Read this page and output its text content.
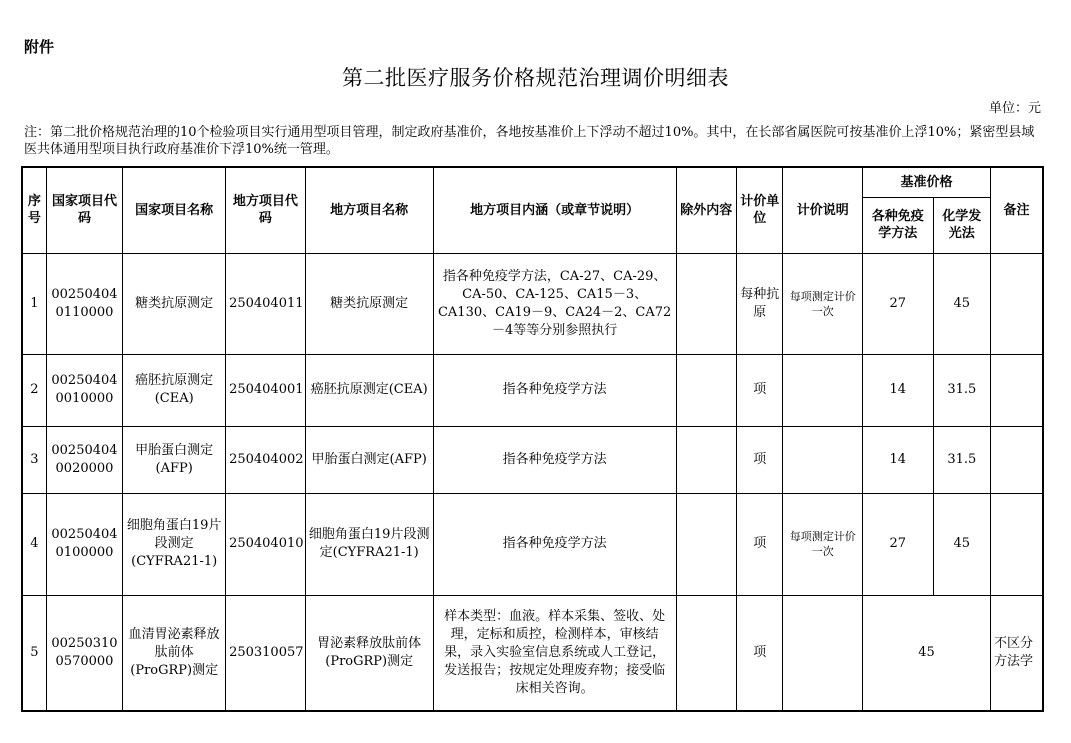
附件
第二批医疗服务价格规范治理调价明细表
单位：元
注：第二批价格规范治理的10个检验项目实行通用型项目管理，制定政府基准价，各地按基准价上下浮动不超过10%。其中，在长部省属医院可按基准价上浮10%；紧密型县域医共体通用型项目执行政府基准价下浮10%统一管理。
序号	国家项目代码	国家项目名称	地方项目代码	地方项目名称	地方项目内涵（或章节说明）	除外内容	计价单位	计价说明	基准价格		备注
									各种免疫学方法	化学发光法	
1	00250404 0110000	糖类抗原测定	250404011	糖类抗原测定	指各种免疫学方法，CA-27、CA-29、CA-50、CA-125、CA15－3、CA130、CA19－9、CA24－2、CA72－4等等分别参照执行		每种抗原	每项测定计价一次	27	45	
2	00250404 0010000	癌胚抗原测定(CEA)	250404001	癌胚抗原测定(CEA)	指各种免疫学方法		项		14	31.5	
3	00250404 0020000	甲胎蛋白测定(AFP)	250404002	甲胎蛋白测定(AFP)	指各种免疫学方法		项		14	31.5	
4	00250404 0100000	细胞角蛋白19片段测定(CYFRA21-1)	250404010	细胞角蛋白19片段测定(CYFRA21-1)	指各种免疫学方法		项	每项测定计价一次	27	45	
5	00250310 0570000	血清胃泌素释放肽前体(ProGRP)测定	250310057	胃泌素释放肽前体(ProGRP)测定	样本类型：血液。样本采集、签收、处理，定标和质控，检测样本，审核结果，录入实验室信息系统或人工登记，发送报告；按规定处理废弃物；接受临床相关咨询。		项		45		不区分方法学
